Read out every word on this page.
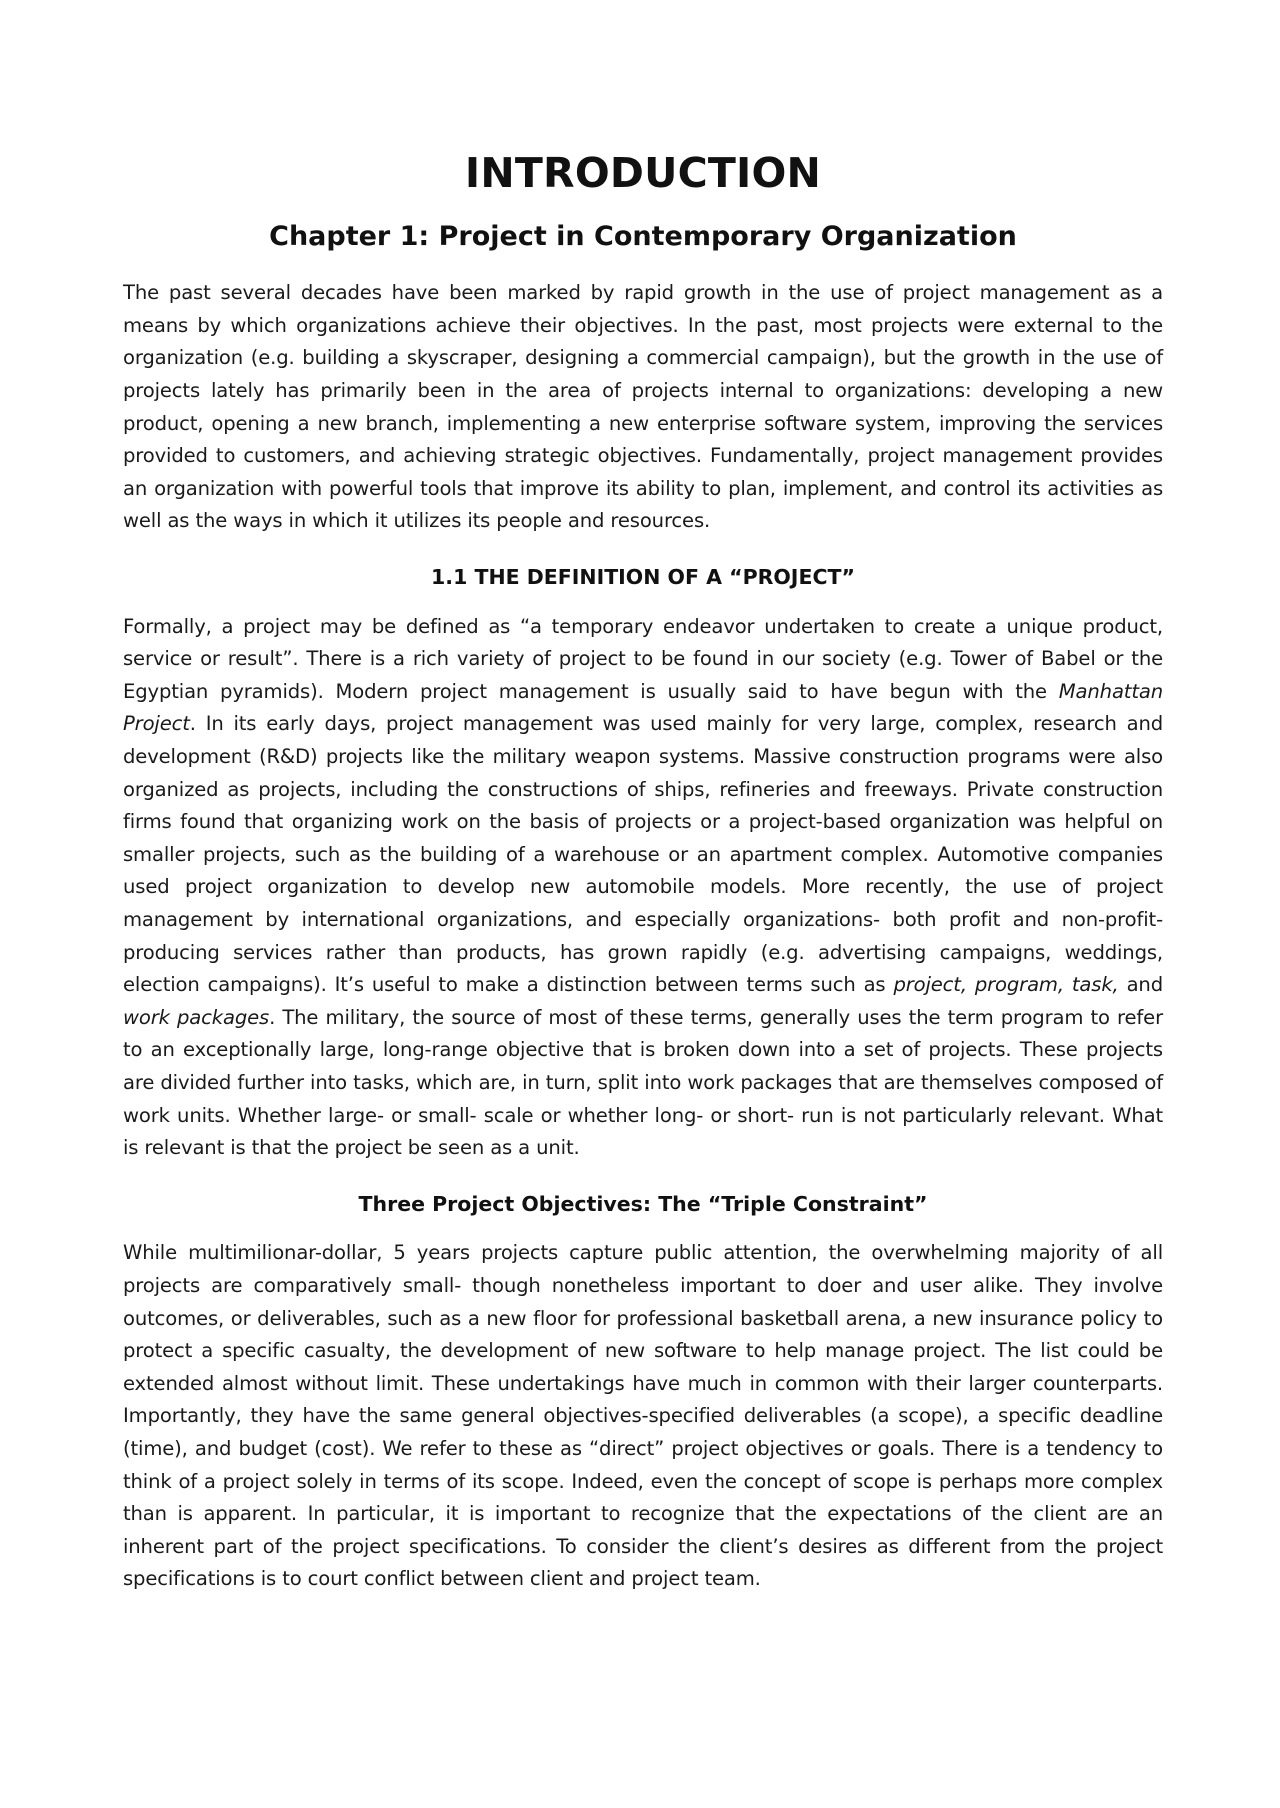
INTRODUCTION
Chapter 1: Project in Contemporary Organization

The past several decades have been marked by rapid growth in the use of project management as a means by which organizations achieve their objectives. In the past, most projects were external to the organization (e.g. building a skyscraper, designing a commercial campaign), but the growth in the use of projects lately has primarily been in the area of projects internal to organizations: developing a new product, opening a new branch, implementing a new enterprise software system, improving the services provided to customers, and achieving strategic objectives. Fundamentally, project management provides an organization with powerful tools that improve its ability to plan, implement, and control its activities as well as the ways in which it utilizes its people and resources.

1.1 THE DEFINITION OF A “PROJECT”

Formally, a project may be defined as “a temporary endeavor undertaken to create a unique product, service or result”. There is a rich variety of project to be found in our society (e.g. Tower of Babel or the Egyptian pyramids). Modern project management is usually said to have begun with the Manhattan Project. In its early days, project management was used mainly for very large, complex, research and development (R&D) projects like the military weapon systems. Massive construction programs were also organized as projects, including the constructions of ships, refineries and freeways. Private construction firms found that organizing work on the basis of projects or a project-based organization was helpful on smaller projects, such as the building of a warehouse or an apartment complex. Automotive companies used project organization to develop new automobile models. More recently, the use of project management by international organizations, and especially organizations- both profit and non-profit- producing services rather than products, has grown rapidly (e.g. advertising campaigns, weddings, election campaigns). It’s useful to make a distinction between terms such as project, program, task, and work packages. The military, the source of most of these terms, generally uses the term program to refer to an exceptionally large, long-range objective that is broken down into a set of projects. These projects are divided further into tasks, which are, in turn, split into work packages that are themselves composed of work units. Whether large- or small- scale or whether long- or short- run is not particularly relevant. What is relevant is that the project be seen as a unit.

Three Project Objectives: The “Triple Constraint”

While multimilionar-dollar, 5 years projects capture public attention, the overwhelming majority of all projects are comparatively small- though nonetheless important to doer and user alike. They involve outcomes, or deliverables, such as a new floor for professional basketball arena, a new insurance policy to protect a specific casualty, the development of new software to help manage project. The list could be extended almost without limit. These undertakings have much in common with their larger counterparts. Importantly, they have the same general objectives-specified deliverables (a scope), a specific deadline (time), and budget (cost). We refer to these as “direct” project objectives or goals. There is a tendency to think of a project solely in terms of its scope. Indeed, even the concept of scope is perhaps more complex than is apparent. In particular, it is important to recognize that the expectations of the client are an inherent part of the project specifications. To consider the client’s desires as different from the project specifications is to court conflict between client and project team.
